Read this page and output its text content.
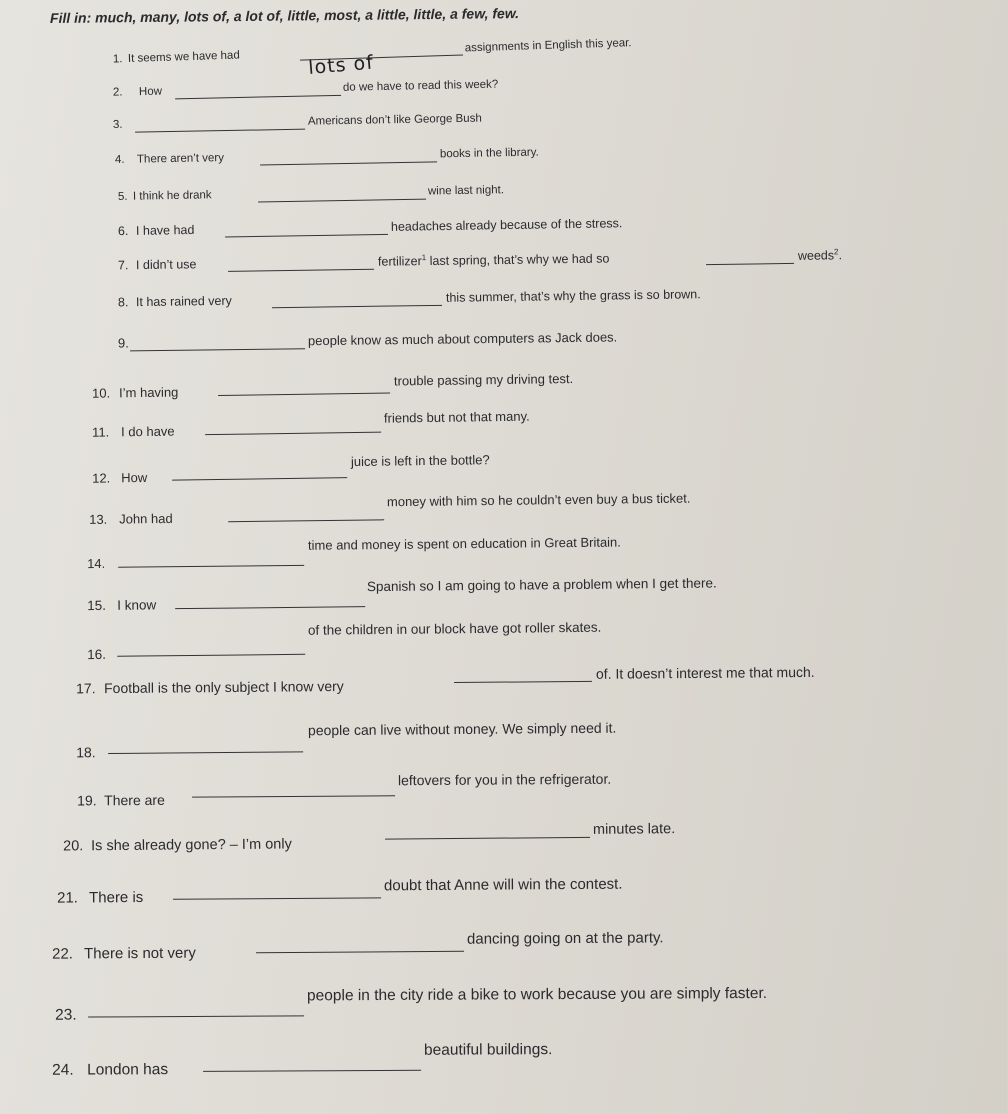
Fill in: much, many, lots of, a lot of, little, most, a little, little, a few, few.
1. It seems we have had	lots of
assignments in English this year.
2. How	do we have to read this week?
3.	Americans don’t like George Bush
4. There aren’t very	books in the library.
5. I think he drank	wine last night.
6. I have had	headaches already because of the stress.
7. I didn’t use	fertilizer$^1$ last spring, that’s why we had so	weeds$^2$.
8. It has rained very	this summer, that’s why the grass is so brown.
9.	people know as much about computers as Jack does.
10. I’m having
trouble passing my driving test.
11. I do have
friends but not that many.
12. How
juice is left in the bottle?
13. John had
money with him so he couldn’t even buy a bus ticket.
14.
time and money is spent on education in Great Britain.
15. I know
Spanish so I am going to have a problem when I get there.
16.
of the children in our block have got roller skates.
17. Football is the only subject I know very
of. It doesn’t interest me that much.
18.
people can live without money. We simply need it.
19. There are
leftovers for you in the refrigerator.
20. Is she already gone? – I’m only
minutes late.
21. There is
doubt that Anne will win the contest.
22. There is not very
dancing going on at the party.
23.
people in the city ride a bike to work because you are simply faster.
24. London has
beautiful buildings.
